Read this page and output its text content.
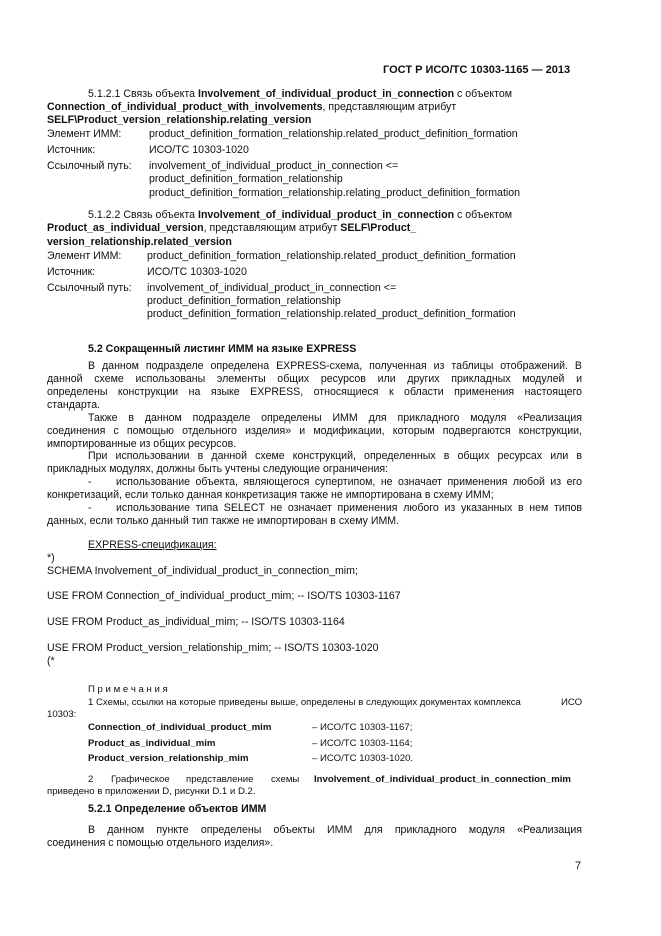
ГОСТ Р ИСО/ТС 10303-1165 — 2013
5.1.2.1 Связь объекта Involvement_of_individual_product_in_connection с объектом
Connection_of_individual_product_with_involvements, представляющим атрибут
SELF\Product_version_relationship.relating_version
Элемент ИММ:	product_definition_formation_relationship.related_product_definition_formation
Источник:	ИСО/ТС 10303-1020
Ссылочный путь: involvement_of_individual_product_in_connection <=
product_definition_formation_relationship
product_definition_formation_relationship.relating_product_definition_formation
5.1.2.2 Связь объекта Involvement_of_individual_product_in_connection с объектом
Product_as_individual_version, представляющим атрибут SELF\Product_
version_relationship.related_version
Элемент ИММ: product_definition_formation_relationship.related_product_definition_formation
Источник:	ИСО/ТС 10303-1020
Ссылочный путь: involvement_of_individual_product_in_connection <=
product_definition_formation_relationship
product_definition_formation_relationship.related_product_definition_formation
5.2 Сокращенный листинг ИММ на языке EXPRESS
В данном подразделе определена EXPRESS-схема, полученная из таблицы отображений. В
данной схеме использованы элементы общих ресурсов или других прикладных модулей и
определены конструкции на языке EXPRESS, относящиеся к области применения настоящего
стандарта.
Также в данном подразделе определены ИММ для прикладного модуля «Реализация
соединения с помощью отдельного изделия» и модификации, которым подвергаются конструкции,
импортированные из общих ресурсов.
При использовании в данной схеме конструкций, определенных в общих ресурсах или в
прикладных модулях, должны быть учтены следующие ограничения:
- использование объекта, являющегося супертипом, не означает применения любой из его
конкретизаций, если только данная конкретизация также не импортирована в схему ИММ;
- использование типа SELECT не означает применения любого из указанных в нем типов
данных, если только данный тип также не импортирован в схему ИММ.
EXPRESS-спецификация:
*)
SCHEMA Involvement_of_individual_product_in_connection_mim;
USE FROM Connection_of_individual_product_mim; -- ISO/TS 10303-1167
USE FROM Product_as_individual_mim; -- ISO/TS 10303-1164
USE FROM Product_version_relationship_mim; -- ISO/TS 10303-1020
(*
П р и м е ч а н и я
1 Схемы, ссылки на которые приведены выше, определены в следующих документах комплекса	ИСО
10303:
Connection_of_individual_product_mim	– ИСО/ТС 10303-1167;
Product_as_individual_mim	– ИСО/ТС 10303-1164;
Product_version_relationship_mim	– ИСО/ТС 10303-1020.
2 Графическое представление схемы Involvement_of_individual_product_in_connection_mim
приведено в приложении D, рисунки D.1 и D.2.
5.2.1 Определение объектов ИММ
В данном пункте определены объекты ИММ для прикладного модуля «Реализация
соединения с помощью отдельного изделия».
7
